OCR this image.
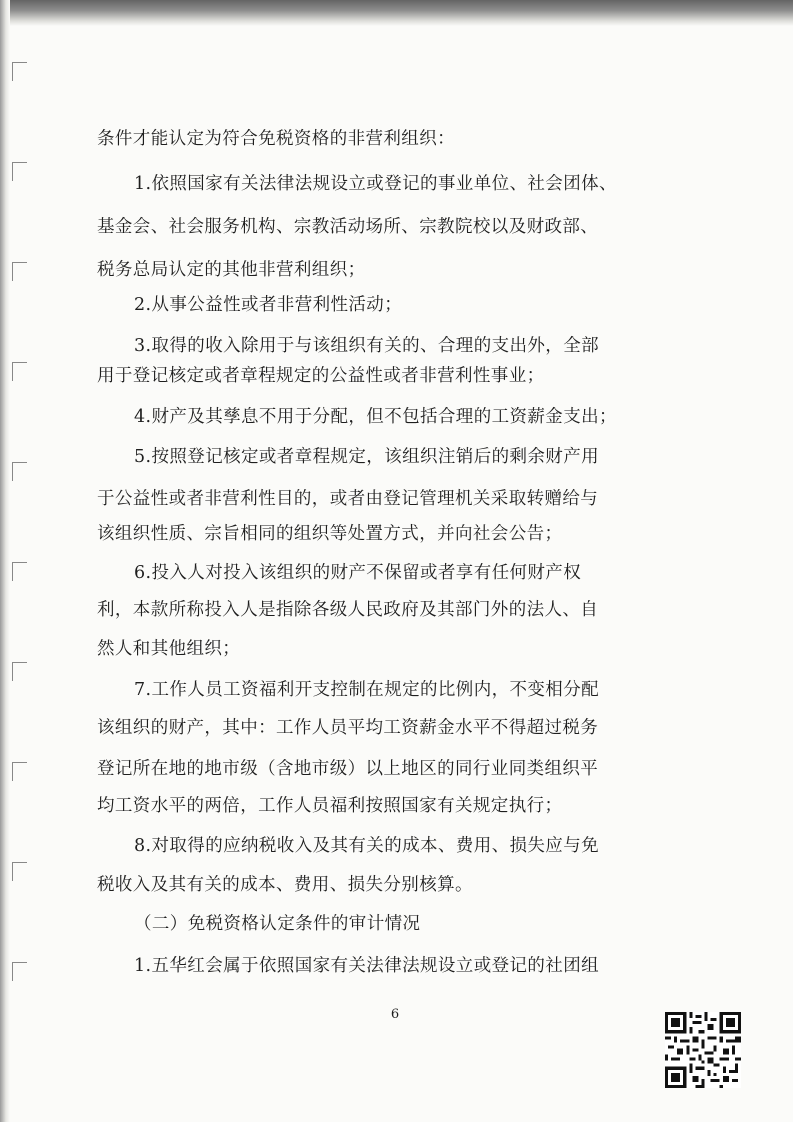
条件才能认定为符合免税资格的非营利组织：

1.依照国家有关法律法规设立或登记的事业单位、社会团体、

基金会、社会服务机构、宗教活动场所、宗教院校以及财政部、

税务总局认定的其他非营利组织；

2.从事公益性或者非营利性活动；

3.取得的收入除用于与该组织有关的、合理的支出外，全部

用于登记核定或者章程规定的公益性或者非营利性事业；

4.财产及其孳息不用于分配，但不包括合理的工资薪金支出；

5.按照登记核定或者章程规定，该组织注销后的剩余财产用

于公益性或者非营利性目的，或者由登记管理机关采取转赠给与

该组织性质、宗旨相同的组织等处置方式，并向社会公告；

6.投入人对投入该组织的财产不保留或者享有任何财产权

利，本款所称投入人是指除各级人民政府及其部门外的法人、自

然人和其他组织；

7.工作人员工资福利开支控制在规定的比例内，不变相分配

该组织的财产，其中：工作人员平均工资薪金水平不得超过税务

登记所在地的地市级（含地市级）以上地区的同行业同类组织平

均工资水平的两倍，工作人员福利按照国家有关规定执行；

8.对取得的应纳税收入及其有关的成本、费用、损失应与免

税收入及其有关的成本、费用、损失分别核算。

（二）免税资格认定条件的审计情况

1.五华红会属于依照国家有关法律法规设立或登记的社团组

6
